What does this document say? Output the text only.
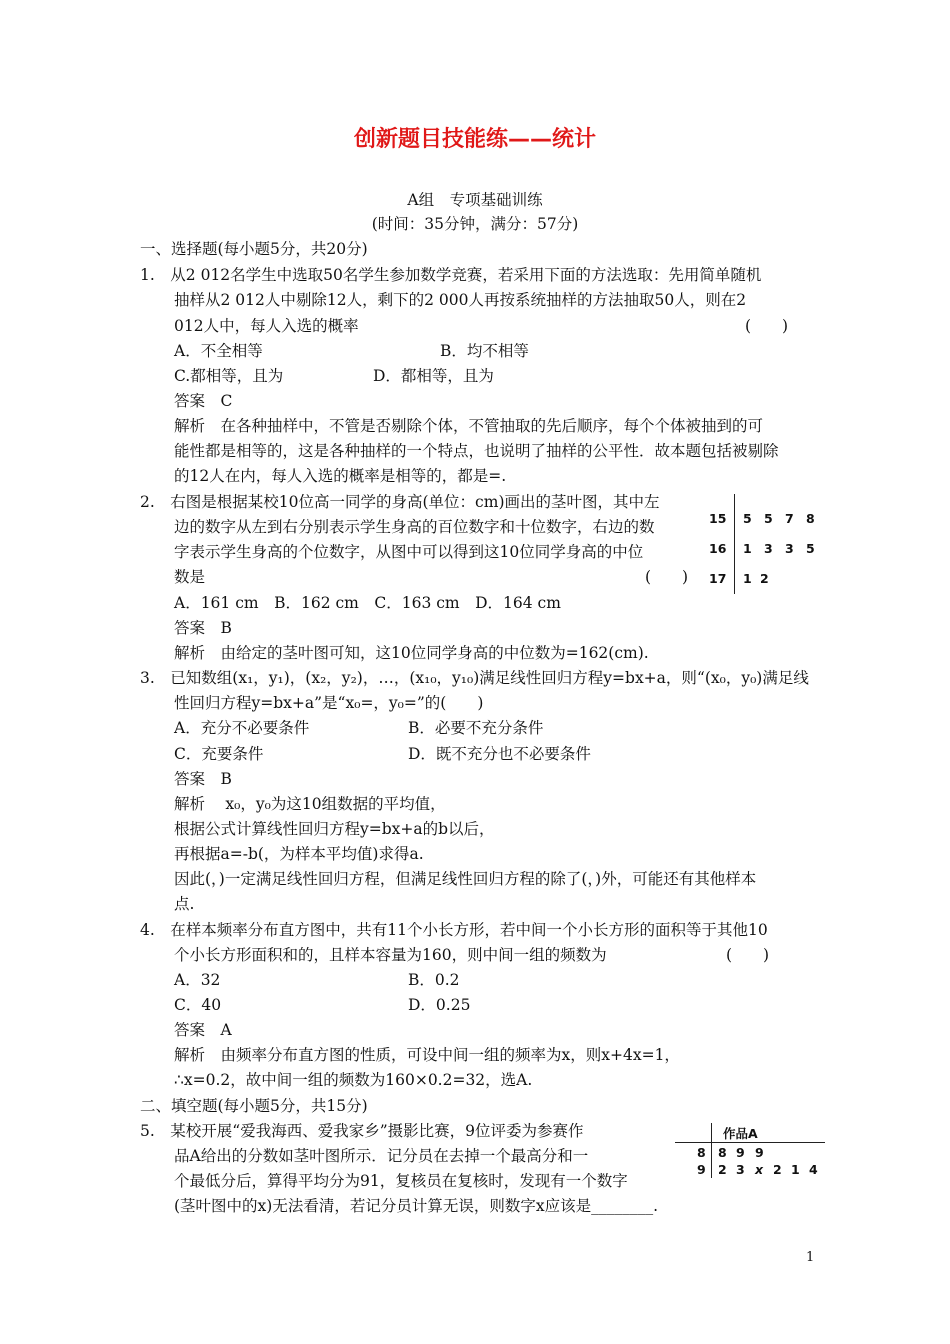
创新题目技能练——统计
A组　专项基础训练
(时间：35分钟，满分：57分)
一、选择题(每小题5分，共20分)
1.　从2 012名学生中选取50名学生参加数学竞赛，若采用下面的方法选取：先用简单随机
抽样从2 012人中剔除12人，剩下的2 000人再按系统抽样的方法抽取50人，则在2
012人中，每人入选的概率	(　　)
A．不全相等	B．均不相等
C.都相等，且为	D．都相等，且为
答案　C
解析　在各种抽样中，不管是否剔除个体，不管抽取的先后顺序，每个个体被抽到的可
能性都是相等的，这是各种抽样的一个特点，也说明了抽样的公平性．故本题包括被剔除
的12人在内，每人入选的概率是相等的，都是=.
2.　右图是根据某校10位高一同学的身高(单位：cm)画出的茎叶图，其中左
边的数字从左到右分别表示学生身高的百位数字和十位数字，右边的数
字表示学生身高的个位数字，从图中可以得到这10位同学身高的中位
数是	(　　)
A．161 cm　B．162 cm　C．163 cm　D．164 cm
答案　B
解析　由给定的茎叶图可知，这10位同学身高的中位数为=162(cm).
15 5 5 7 8
16 1 3 3 5
17 1 2
3.　已知数组(x₁，y₁)，(x₂，y₂)，…，(x₁₀，y₁₀)满足线性回归方程y=bx+a，则“(x₀，y₀)满足线
性回归方程y=bx+a”是“x₀=，y₀=”的(　　)
A．充分不必要条件	B．必要不充分条件
C．充要条件	D．既不充分也不必要条件
答案　B
解析　 x₀，y₀为这10组数据的平均值，
根据公式计算线性回归方程y=bx+a的b以后，
再根据a=-b(，为样本平均值)求得a.
因此(，)一定满足线性回归方程，但满足线性回归方程的除了(，)外，可能还有其他样本
点.
4.　在样本频率分布直方图中，共有11个小长方形，若中间一个小长方形的面积等于其他10
个小长方形面积和的，且样本容量为160，则中间一组的频数为	(　　)
A．32	B．0.2
C．40	D．0.25
答案　A
解析　由频率分布直方图的性质，可设中间一组的频率为x，则x+4x=1，
∴x=0.2，故中间一组的频数为160×0.2=32，选A.
二、填空题(每小题5分，共15分)
5.　某校开展“爱我海西、爱我家乡”摄影比赛，9位评委为参赛作
品A给出的分数如茎叶图所示．记分员在去掉一个最高分和一
个最低分后，算得平均分为91，复核员在复核时，发现有一个数字
(茎叶图中的x)无法看清，若记分员计算无误，则数字x应该是________.
作品A
8 8 9 9
9 2 3 x 2 1 4
1
